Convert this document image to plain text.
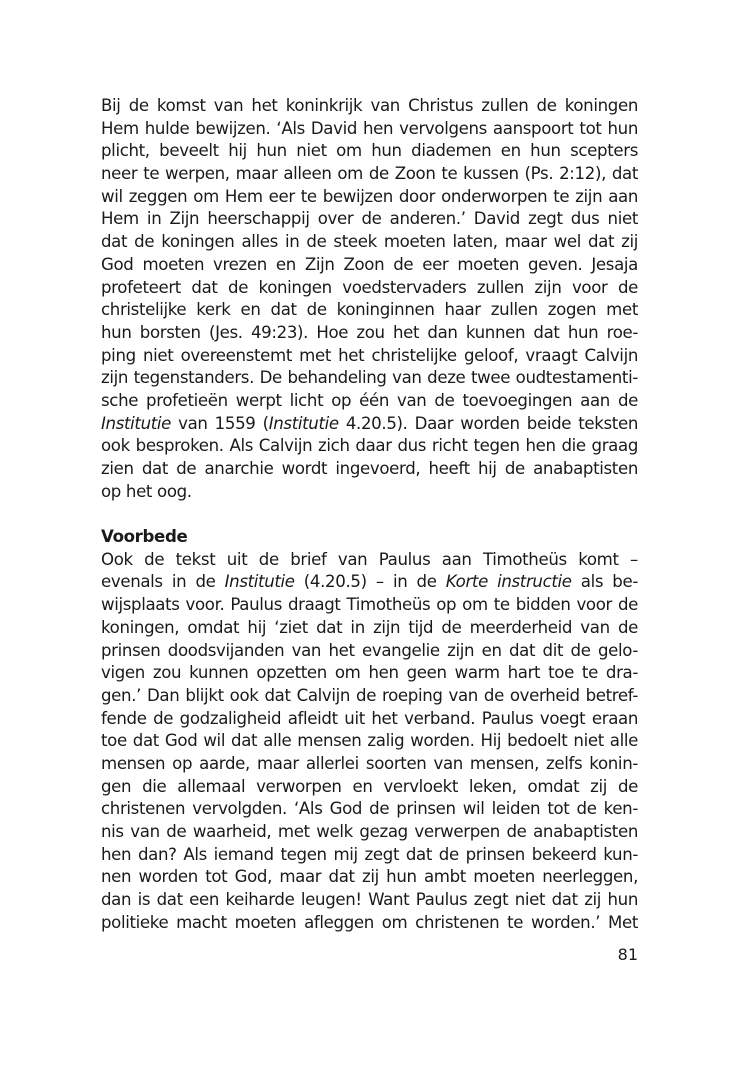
Bij de komst van het koninkrijk van Christus zullen de koningen
Hem hulde bewijzen. ‘Als David hen vervolgens aanspoort tot hun
plicht, beveelt hij hun niet om hun diademen en hun scepters
neer te werpen, maar alleen om de Zoon te kussen (Ps. 2:12), dat
wil zeggen om Hem eer te bewijzen door onderworpen te zijn aan
Hem in Zijn heerschappij over de anderen.’ David zegt dus niet
dat de koningen alles in de steek moeten laten, maar wel dat zij
God moeten vrezen en Zijn Zoon de eer moeten geven. Jesaja
profeteert dat de koningen voedstervaders zullen zijn voor de
christelijke kerk en dat de koninginnen haar zullen zogen met
hun borsten (Jes. 49:23). Hoe zou het dan kunnen dat hun roe-
ping niet overeenstemt met het christelijke geloof, vraagt Calvijn
zijn tegenstanders. De behandeling van deze twee oudtestamenti-
sche profetieën werpt licht op één van de toevoegingen aan de
Institutie van 1559 (Institutie 4.20.5). Daar worden beide teksten
ook besproken. Als Calvijn zich daar dus richt tegen hen die graag
zien dat de anarchie wordt ingevoerd, heeft hij de anabaptisten
op het oog.
Voorbede
Ook de tekst uit de brief van Paulus aan Timotheüs komt –
evenals in de Institutie (4.20.5) – in de Korte instructie als be-
wijsplaats voor. Paulus draagt Timotheüs op om te bidden voor de
koningen, omdat hij ‘ziet dat in zijn tijd de meerderheid van de
prinsen doodsvijanden van het evangelie zijn en dat dit de gelo-
vigen zou kunnen opzetten om hen geen warm hart toe te dra-
gen.’ Dan blijkt ook dat Calvijn de roeping van de overheid betref-
fende de godzaligheid afleidt uit het verband. Paulus voegt eraan
toe dat God wil dat alle mensen zalig worden. Hij bedoelt niet alle
mensen op aarde, maar allerlei soorten van mensen, zelfs konin-
gen die allemaal verworpen en vervloekt leken, omdat zij de
christenen vervolgden. ‘Als God de prinsen wil leiden tot de ken-
nis van de waarheid, met welk gezag verwerpen de anabaptisten
hen dan? Als iemand tegen mij zegt dat de prinsen bekeerd kun-
nen worden tot God, maar dat zij hun ambt moeten neerleggen,
dan is dat een keiharde leugen! Want Paulus zegt niet dat zij hun
politieke macht moeten afleggen om christenen te worden.’ Met
81
